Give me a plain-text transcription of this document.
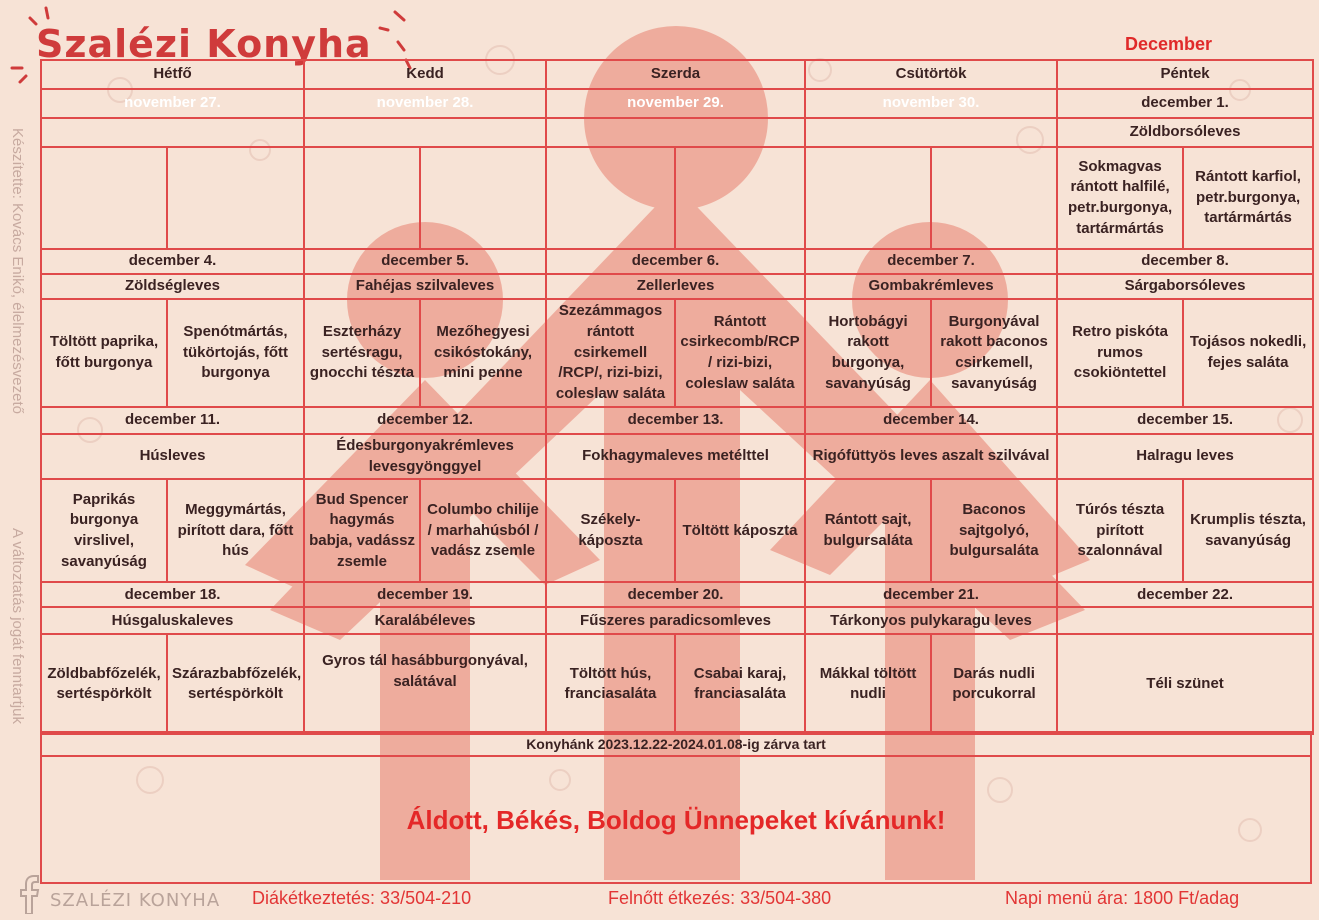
Szalézi Konyha	December
Készítette: Kovács Enikő, élelmezésvezető
A változtatás jogát fenntartjuk
Hétfő		Kedd		Szerda		Csütörtök		Péntek	
november 27.		november 28.		november 29.		november 30.		december 1.	
								Zöldborsóleves	
								Sokmagvas rántott halfilé, petr.burgonya, tartármártás	Rántott karfiol, petr.burgonya, tartármártás
december 4.		december 5.		december 6.		december 7.		december 8.	
Zöldségleves		Fahéjas szilvaleves		Zellerleves		Gombakrémleves		Sárgaborsóleves	
Töltött paprika, főtt burgonya	Spenótmártás, tükörtojás, főtt burgonya	Eszterházy sertésragu, gnocchi tészta	Mezőhegyesi csikóstokány, mini penne	Szezámmagos rántott csirkemell /RCP/, rizi-bizi, coleslaw saláta	Rántott csirkecomb/RCP / rizi-bizi, coleslaw saláta	Hortobágyi rakott burgonya, savanyúság	Burgonyával rakott baconos csirkemell, savanyúság	Retro piskóta rumos csokiöntettel	Tojásos nokedli, fejes saláta
december 11.		december 12.		december 13.		december 14.		december 15.	
Húsleves		Édesburgonyakrémleves levesgyönggyel		Fokhagymaleves metélttel		Rigófüttyös leves aszalt szilvával		Halragu leves	
Paprikás burgonya virslivel, savanyúság	Meggymártás, pirított dara, főtt hús	Bud Spencer hagymás babja, vadássz zsemle	Columbo chilije / marhahúsból / vadász zsemle	Székely-káposzta	Töltött káposzta	Rántott sajt, bulgursaláta	Baconos sajtgolyó, bulgursaláta	Túrós tészta pirított szalonnával	Krumplis tészta, savanyúság
december 18.		december 19.		december 20.		december 21.		december 22.	
Húsgaluskaleves		Karalábéleves		Fűszeres paradicsomleves		Tárkonyos pulykaragu leves			
Zöldbabfőzelék, sertéspörkölt	Szárazbabfőzelék, sertéspörkölt	Gyros tál hasábburgonyával, salátával		Töltött hús, franciasaláta	Csabai karaj, franciasaláta	Mákkal töltött nudli	Darás nudli porcukorral	Téli szünet	
Konyhánk 2023.12.22-2024.01.08-ig zárva tart
Áldott, Békés, Boldog Ünnepeket kívánunk!
SZALÉZI KONYHA Diákétkeztetés: 33/504-210	Felnőtt étkezés: 33/504-380	Napi menü ára: 1800 Ft/adag
